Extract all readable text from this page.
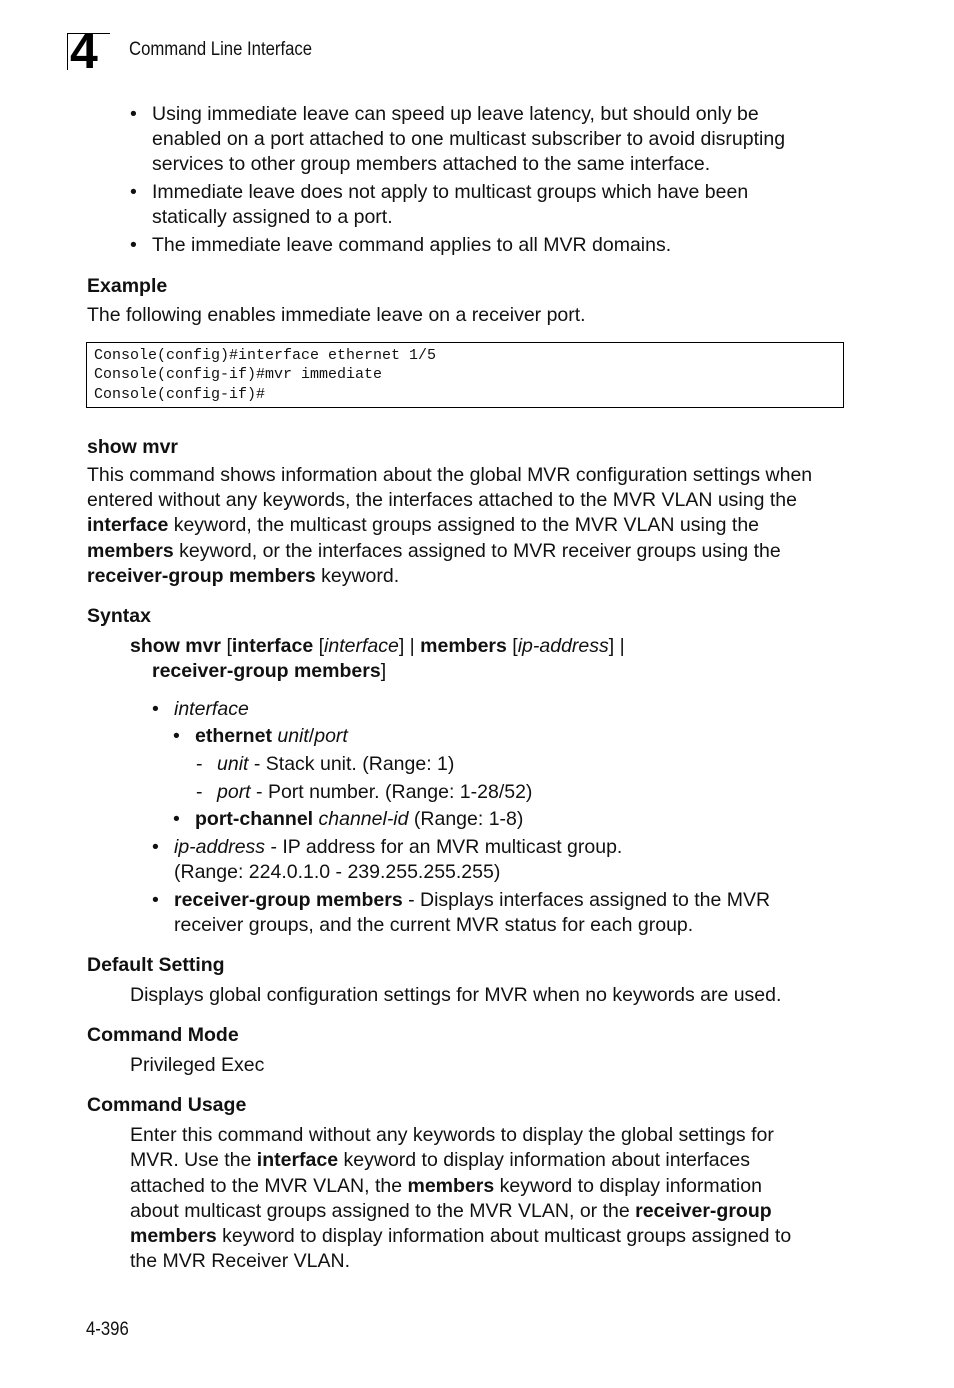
4 Command Line Interface
• Using immediate leave can speed up leave latency, but should only be
enabled on a port attached to one multicast subscriber to avoid disrupting
services to other group members attached to the same interface.
• Immediate leave does not apply to multicast groups which have been
statically assigned to a port.
• The immediate leave command applies to all MVR domains.
Example
The following enables immediate leave on a receiver port.
Console(config)#interface ethernet 1/5
Console(config-if)#mvr immediate
Console(config-if)#
show mvr
This command shows information about the global MVR configuration settings when
entered without any keywords, the interfaces attached to the MVR VLAN using the
interface keyword, the multicast groups assigned to the MVR VLAN using the
members keyword, or the interfaces assigned to MVR receiver groups using the
receiver-group members keyword.
Syntax
show mvr [interface [interface] | members [ip-address] |
receiver-group members]
• interface
• ethernet unit/port
- unit - Stack unit. (Range: 1)
- port - Port number. (Range: 1-28/52)
• port-channel channel-id (Range: 1-8)
• ip-address - IP address for an MVR multicast group.
(Range: 224.0.1.0 - 239.255.255.255)
• receiver-group members - Displays interfaces assigned to the MVR
receiver groups, and the current MVR status for each group.
Default Setting
Displays global configuration settings for MVR when no keywords are used.
Command Mode
Privileged Exec
Command Usage
Enter this command without any keywords to display the global settings for
MVR. Use the interface keyword to display information about interfaces
attached to the MVR VLAN, the members keyword to display information
about multicast groups assigned to the MVR VLAN, or the receiver-group
members keyword to display information about multicast groups assigned to
the MVR Receiver VLAN.
4-396
